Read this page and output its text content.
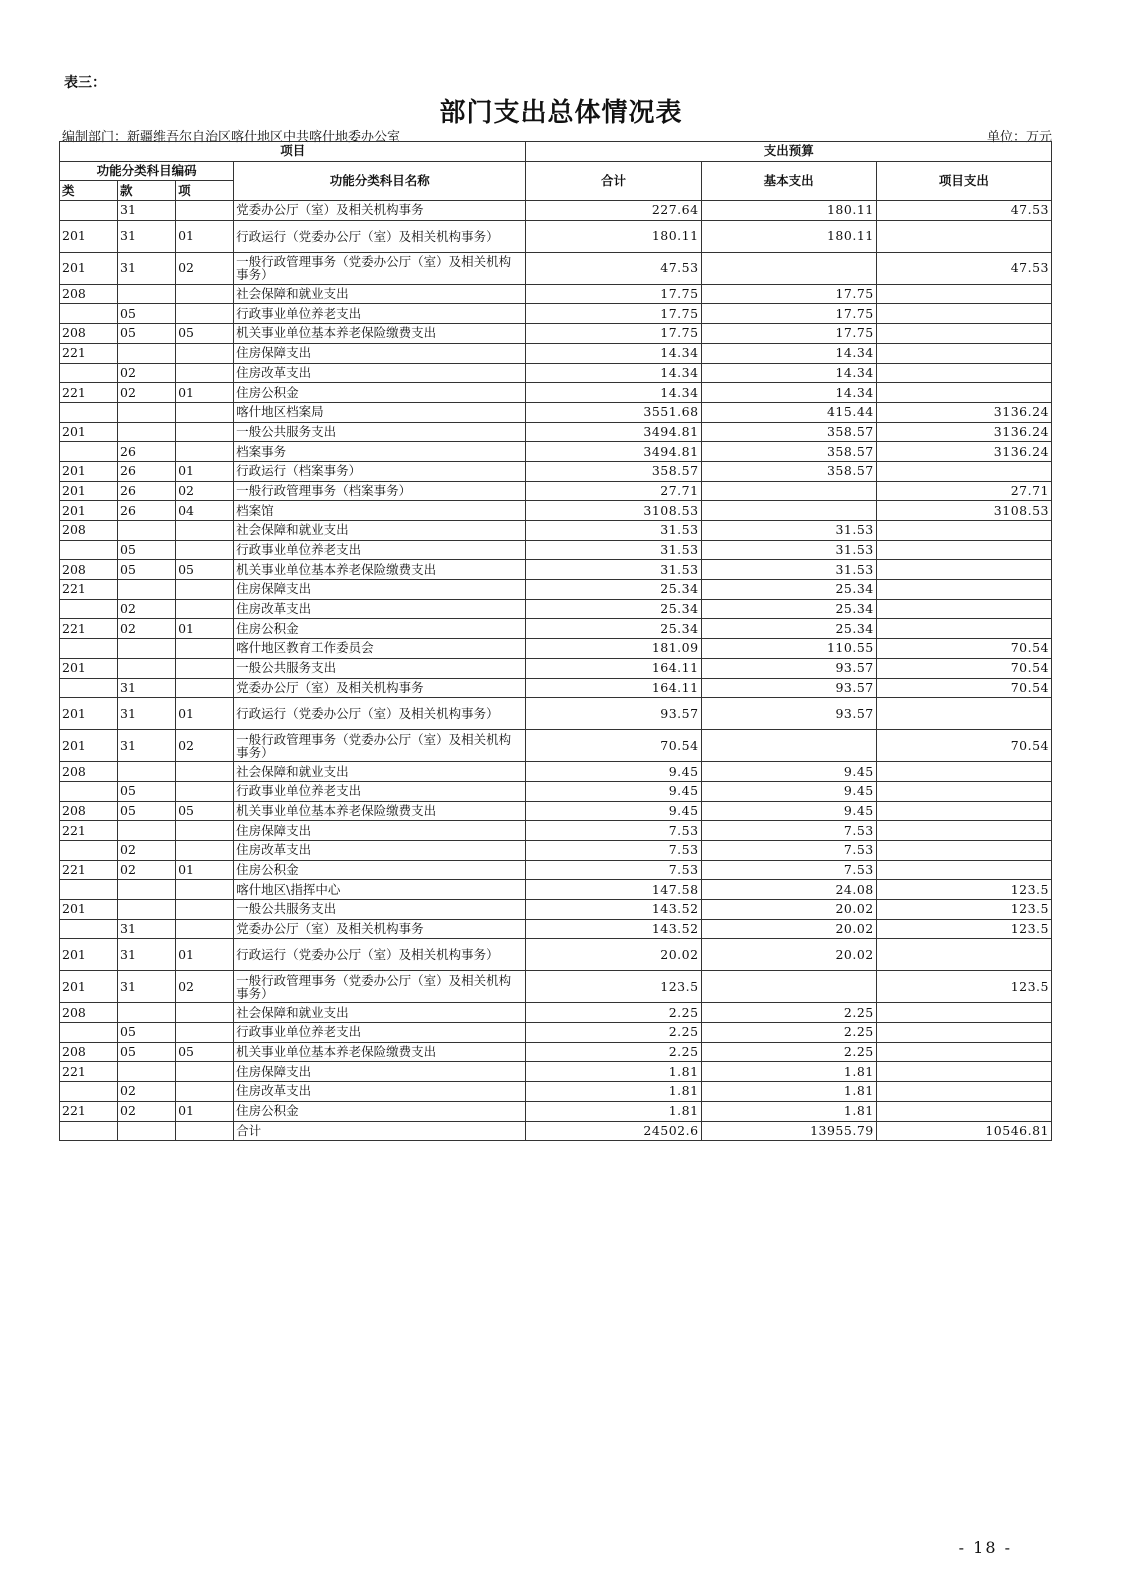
表三：
部门支出总体情况表
编制部门：新疆维吾尔自治区喀什地区中共喀什地委办公室	单位：万元
项目				支出预算		
功能分类科目编码			功能分类科目名称	合计	基本支出	项目支出
类	款	项				
	31		党委办公厅（室）及相关机构事务	227.64	180.11	47.53
201	31	01	行政运行（党委办公厅（室）及相关机构事务）	180.11	180.11	
201	31	02	一般行政管理事务（党委办公厅（室）及相关机构事务）	47.53		47.53
208			社会保障和就业支出	17.75	17.75	
	05		行政事业单位养老支出	17.75	17.75	
208	05	05	机关事业单位基本养老保险缴费支出	17.75	17.75	
221			住房保障支出	14.34	14.34	
	02		住房改革支出	14.34	14.34	
221	02	01	住房公积金	14.34	14.34	
			喀什地区档案局	3551.68	415.44	3136.24
201			一般公共服务支出	3494.81	358.57	3136.24
	26		档案事务	3494.81	358.57	3136.24
201	26	01	行政运行（档案事务）	358.57	358.57	
201	26	02	一般行政管理事务（档案事务）	27.71		27.71
201	26	04	档案馆	3108.53		3108.53
208			社会保障和就业支出	31.53	31.53	
	05		行政事业单位养老支出	31.53	31.53	
208	05	05	机关事业单位基本养老保险缴费支出	31.53	31.53	
221			住房保障支出	25.34	25.34	
	02		住房改革支出	25.34	25.34	
221	02	01	住房公积金	25.34	25.34	
			喀什地区教育工作委员会	181.09	110.55	70.54
201			一般公共服务支出	164.11	93.57	70.54
	31		党委办公厅（室）及相关机构事务	164.11	93.57	70.54
201	31	01	行政运行（党委办公厅（室）及相关机构事务）	93.57	93.57	
201	31	02	一般行政管理事务（党委办公厅（室）及相关机构事务）	70.54		70.54
208			社会保障和就业支出	9.45	9.45	
	05		行政事业单位养老支出	9.45	9.45	
208	05	05	机关事业单位基本养老保险缴费支出	9.45	9.45	
221			住房保障支出	7.53	7.53	
	02		住房改革支出	7.53	7.53	
221	02	01	住房公积金	7.53	7.53	
			喀什地区\指挥中心	147.58	24.08	123.5
201			一般公共服务支出	143.52	20.02	123.5
	31		党委办公厅（室）及相关机构事务	143.52	20.02	123.5
201	31	01	行政运行（党委办公厅（室）及相关机构事务）	20.02	20.02	
201	31	02	一般行政管理事务（党委办公厅（室）及相关机构事务）	123.5		123.5
208			社会保障和就业支出	2.25	2.25	
	05		行政事业单位养老支出	2.25	2.25	
208	05	05	机关事业单位基本养老保险缴费支出	2.25	2.25	
221			住房保障支出	1.81	1.81	
	02		住房改革支出	1.81	1.81	
221	02	01	住房公积金	1.81	1.81	
			合计	24502.6	13955.79	10546.81
- 18 -
